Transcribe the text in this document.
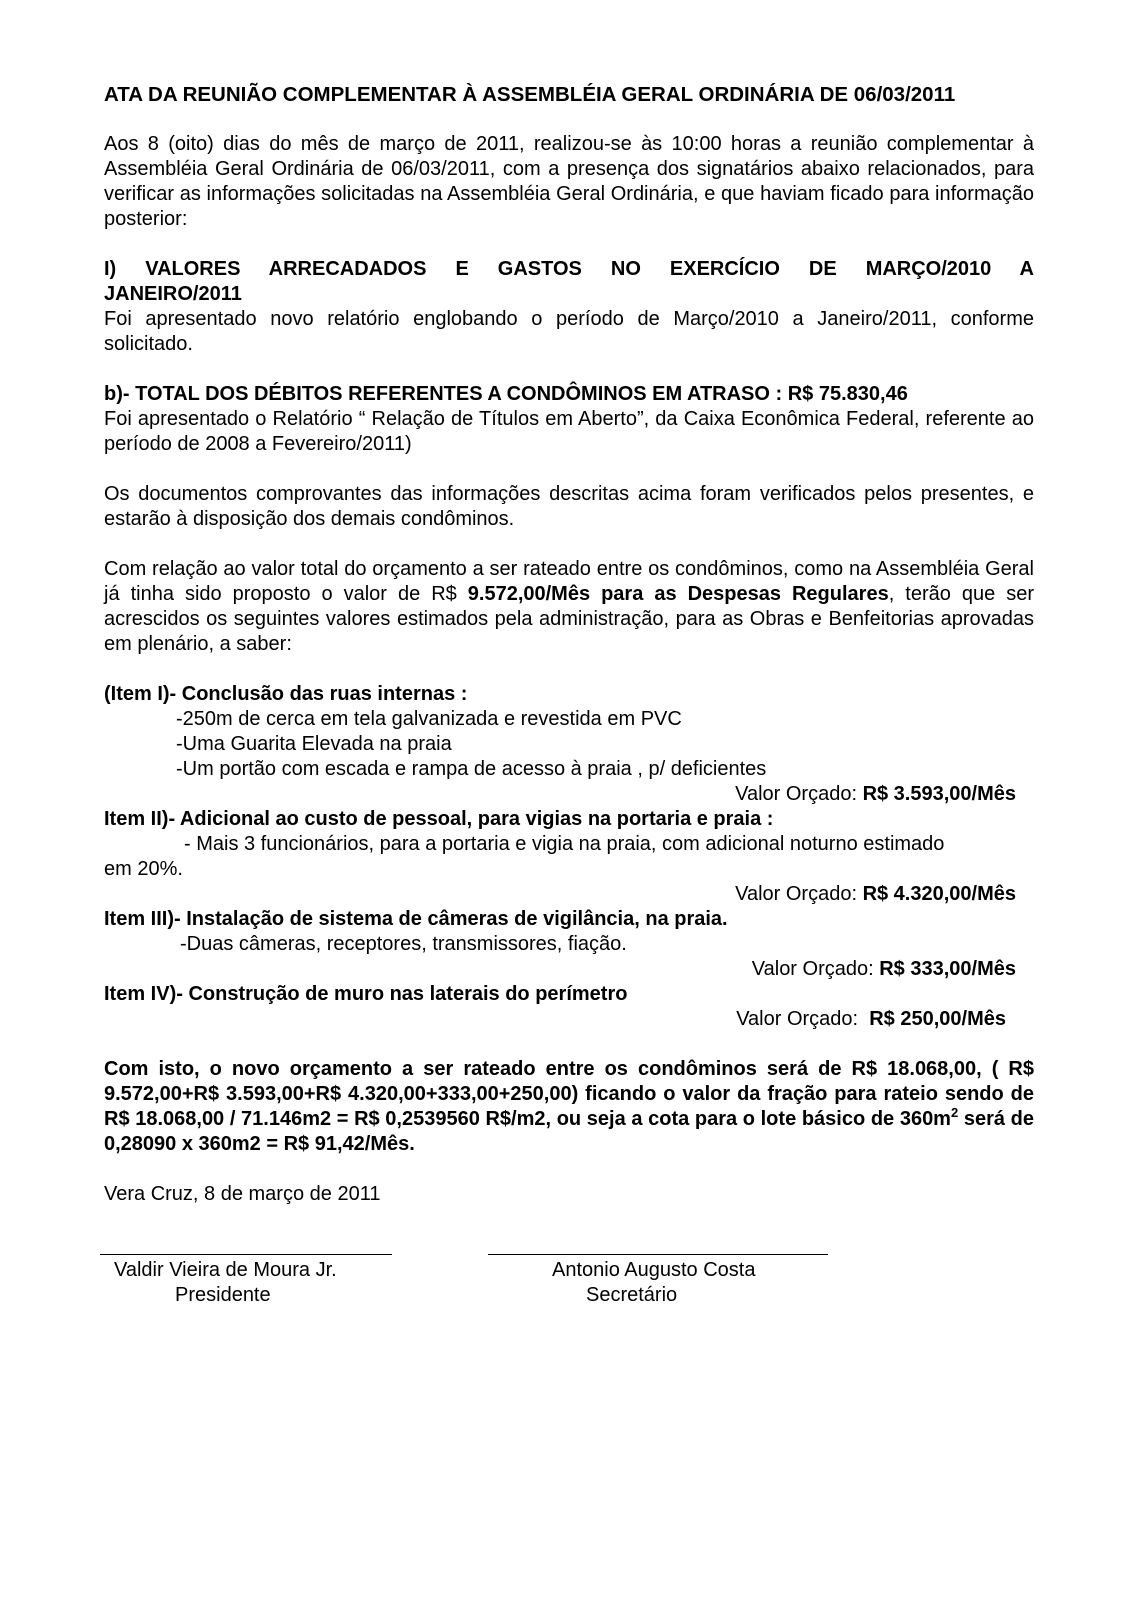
ATA DA REUNIÃO COMPLEMENTAR À ASSEMBLÉIA GERAL ORDINÁRIA DE 06/03/2011

Aos 8 (oito) dias do mês de março de 2011, realizou-se às 10:00 horas a reunião complementar à Assembléia Geral Ordinária de 06/03/2011, com a presença dos signatários abaixo relacionados, para verificar as informações solicitadas na Assembléia Geral Ordinária, e que haviam ficado para informação posterior:

I) VALORES ARRECADADOS E GASTOS NO EXERCÍCIO DE MARÇO/2010 A

JANEIRO/2011

Foi apresentado novo relatório englobando o período de Março/2010 a Janeiro/2011, conforme solicitado.

b)- TOTAL DOS DÉBITOS REFERENTES A CONDÔMINOS EM ATRASO : R$ 75.830,46

Foi apresentado o Relatório “ Relação de Títulos em Aberto”, da Caixa Econômica Federal, referente ao período de 2008 a Fevereiro/2011)

Os documentos comprovantes das informações descritas acima foram verificados pelos presentes, e estarão à disposição dos demais condôminos.

Com relação ao valor total do orçamento a ser rateado entre os condôminos, como na Assembléia Geral já tinha sido proposto o valor de R$ 9.572,00/Mês para as Despesas Regulares, terão que ser acrescidos os seguintes valores estimados pela administração, para as Obras e Benfeitorias aprovadas em plenário, a saber:

(Item I)- Conclusão das ruas internas :

-250m de cerca em tela galvanizada e revestida em PVC

-Uma Guarita Elevada na praia

-Um portão com escada e rampa de acesso à praia , p/ deficientes

Valor Orçado: R$ 3.593,00/Mês

Item II)- Adicional ao custo de pessoal, para vigias na portaria e praia :

- Mais 3 funcionários, para a portaria e vigia na praia, com adicional noturno estimado

em 20%.

Valor Orçado: R$ 4.320,00/Mês

Item III)- Instalação de sistema de câmeras de vigilância, na praia.

-Duas câmeras, receptores, transmissores, fiação.

Valor Orçado: R$ 333,00/Mês

Item IV)- Construção de muro nas laterais do perímetro

Valor Orçado:  R$ 250,00/Mês

Com isto, o novo orçamento a ser rateado entre os condôminos será de R$ 18.068,00, ( R$ 9.572,00+R$ 3.593,00+R$ 4.320,00+333,00+250,00) ficando o valor da fração para rateio sendo de R$ 18.068,00 / 71.146m2 = R$ 0,2539560 R$/m2, ou seja a cota para o lote básico de $360m^2$ será de 0,28090 x 360m2 = R$ 91,42/Mês.

Vera Cruz, 8 de março de 2011

Valdir Vieira de Moura Jr.
Presidente
Antonio Augusto Costa
Secretário
